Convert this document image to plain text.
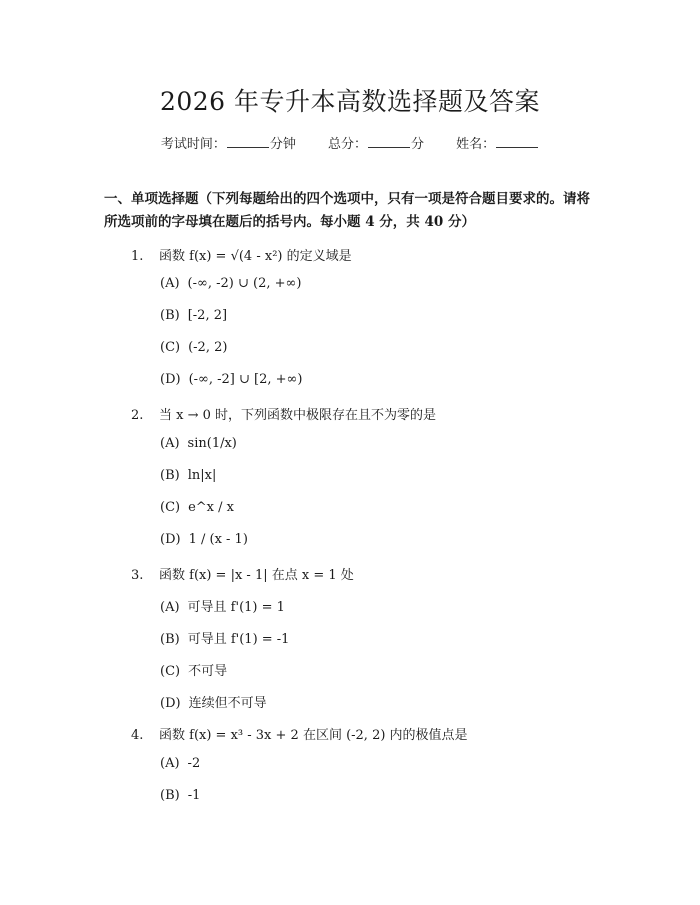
2026 年专升本高数选择题及答案
考试时间：	分钟 总分：	分 姓名：
一、单项选择题（下列每题给出的四个选项中，只有一项是符合题目要求的。请将所选项前的字母填在题后的括号内。每小题 4 分，共 40 分）
1. 函数 f(x) = √(4 - x²) 的定义域是
(A) (-∞, -2) ∪ (2, +∞)
(B) [-2, 2]
(C) (-2, 2)
(D) (-∞, -2] ∪ [2, +∞)
2. 当 x → 0 时，下列函数中极限存在且不为零的是
(A) sin(1/x)
(B) ln|x|
(C) e^x / x
(D) 1 / (x - 1)
3. 函数 f(x) = |x - 1| 在点 x = 1 处
(A) 可导且 f'(1) = 1
(B) 可导且 f'(1) = -1
(C) 不可导
(D) 连续但不可导
4. 函数 f(x) = x³ - 3x + 2 在区间 (-2, 2) 内的极值点是
(A) -2
(B) -1
